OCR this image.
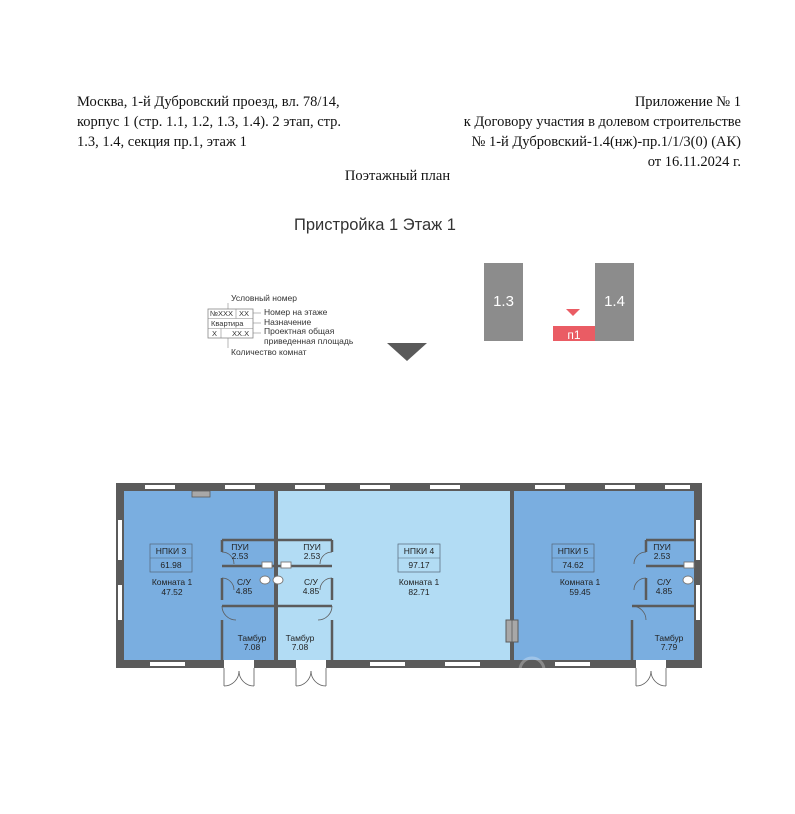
Москва, 1-й Дубровский проезд, вл. 78/14,
корпус 1 (стр. 1.1, 1.2, 1.3, 1.4). 2 этап, стр.
1.3, 1.4, секция пр.1, этаж 1
Приложение № 1
к Договору участия в долевом строительстве
№ 1-й Дубровский-1.4(нж)-пр.1/1/3(0) (АК)
от 16.11.2024 г.
Поэтажный план
Пристройка 1 Этаж 1
Условный номер
№XXX XX
Квартира
X XX.X
Номер на этаже
Назначение
Проектная общая
приведенная площадь
Количество комнат
1.3	1.4
п1
НПКИ 3
61.98
Комната 1
47.52
ПУИ
2.53
С/У
4.85
Тамбур
7.08
НПКИ 4
97.17
Комната 1
82.71
ПУИ
2.53
С/У
4.85
Тамбур
7.08
НПКИ 5
74.62
Комната 1
59.45
ПУИ
2.53
С/У
4.85
Тамбур
7.79
ЦИАН
